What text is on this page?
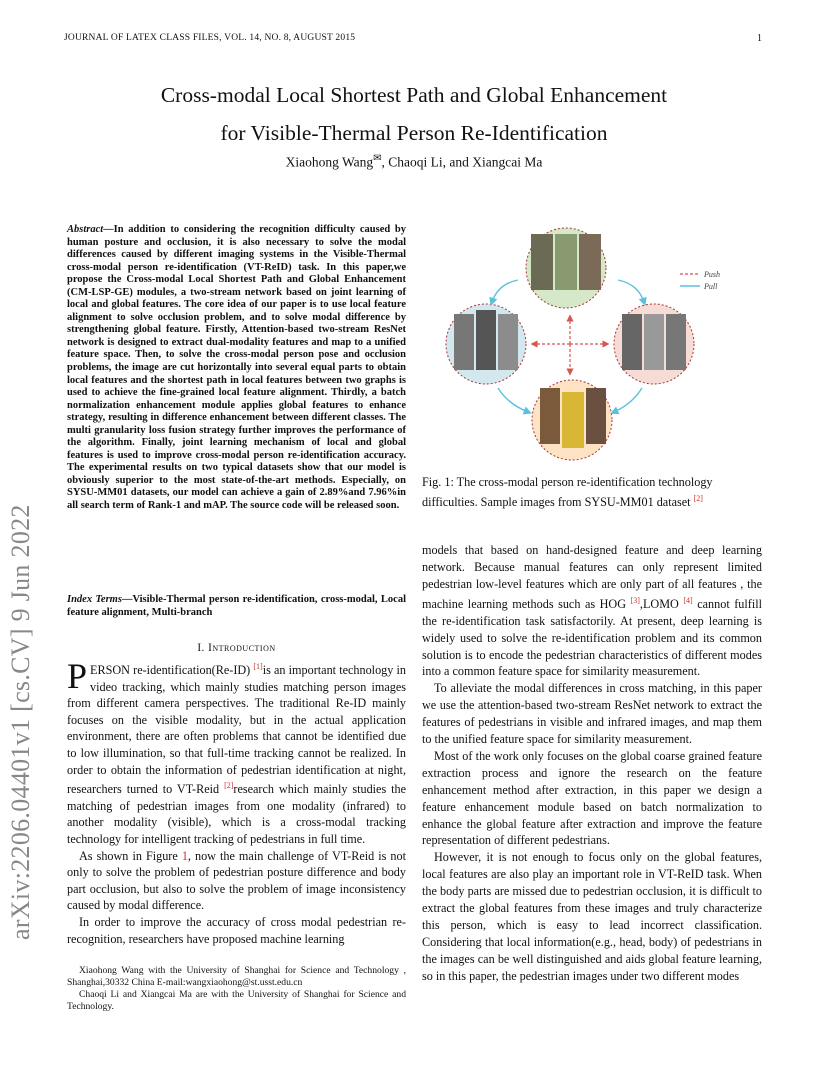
JOURNAL OF LATEX CLASS FILES, VOL. 14, NO. 8, AUGUST 2015	1
arXiv:2206.04401v1 [cs.CV] 9 Jun 2022
Cross-modal Local Shortest Path and Global Enhancement
for Visible-Thermal Person Re-Identification
Xiaohong Wang✉, Chaoqi Li, and Xiangcai Ma
Abstract—In addition to considering the recognition difficulty caused by human posture and occlusion, it is also necessary to solve the modal differences caused by different imaging systems in the Visible-Thermal cross-modal person re-identification (VT-ReID) task. In this paper,we propose the Cross-modal Local Shortest Path and Global Enhancement (CM-LSP-GE) modules, a two-stream network based on joint learning of local and global features. The core idea of our paper is to use local feature alignment to solve occlusion problem, and to solve modal difference by strengthening global feature. Firstly, Attention-based two-stream ResNet network is designed to extract dual-modality features and map to a unified feature space. Then, to solve the cross-modal person pose and occlusion problems, the image are cut horizontally into several equal parts to obtain local features and the shortest path in local features between two graphs is used to achieve the fine-grained local feature alignment. Thirdly, a batch normalization enhancement module applies global features to enhance strategy, resulting in difference enhancement between different classes. The multi granularity loss fusion strategy further improves the performance of the algorithm. Finally, joint learning mechanism of local and global features is used to improve cross-modal person re-identification accuracy. The experimental results on two typical datasets show that our model is obviously superior to the most state-of-the-art methods. Especially, on SYSU-MM01 datasets, our model can achieve a gain of 2.89%and 7.96%in all search term of Rank-1 and mAP. The source code will be released soon.
Index Terms—Visible-Thermal person re-identification, cross-modal, Local feature alignment, Multi-branch
I. Introduction

PERSON re-identification(Re-ID) [1]is an important technology in video tracking, which mainly studies matching person images from different camera perspectives. The traditional Re-ID mainly focuses on the visible modality, but in the actual application environment, there are often problems that cannot be identified due to low illumination, so that full-time tracking cannot be realized. In order to obtain the information of pedestrian identification at night, researchers turned to VT-Reid [2]research which mainly studies the matching of pedestrian images from one modality (infrared) to another modality (visible), which is a cross-modal tracking technology for intelligent tracking of pedestrians in full time.

As shown in Figure 1, now the main challenge of VT-Reid is not only to solve the problem of pedestrian posture difference and body part occlusion, but also to solve the problem of image inconsistency caused by modal difference.

In order to improve the accuracy of cross modal pedestrian re-recognition, researchers have proposed machine learning

Xiaohong Wang with the University of Shanghai for Science and Technology , Shanghai,30332 China E-mail:wangxiaohong@st.usst.edu.cn

Chaoqi Li and Xiangcai Ma are with the University of Shanghai for Science and Technology.

Push
Pull
Fig. 1: The cross-modal person re-identification technology difficulties. Sample images from SYSU-MM01 dataset [2]

models that based on hand-designed feature and deep learning network. Because manual features can only represent limited pedestrian low-level features which are only part of all features , the machine learning methods such as HOG [3],LOMO [4] cannot fulfill the re-identification task satisfactorily. At present, deep learning is widely used to solve the re-identification problem and its common solution is to encode the pedestrian characteristics of different modes into a common feature space for similarity measurement.

To alleviate the modal differences in cross matching, in this paper we use the attention-based two-stream ResNet network to extract the features of pedestrians in visible and infrared images, and map them to the unified feature space for similarity measurement.

Most of the work only focuses on the global coarse grained feature extraction process and ignore the research on the feature enhancement method after extraction, in this paper we design a feature enhancement module based on batch normalization to enhance the global feature after extraction and improve the feature representation of different pedestrians.

However, it is not enough to focus only on the global features, local features are also play an important role in VT-ReID task. When the body parts are missed due to pedestrian occlusion, it is difficult to extract the global features from these images and truly characterize this person, which is easy to lead incorrect classification. Considering that local information(e.g., head, body) of pedestrians in the images can be well distinguished and aids global feature learning, so in this paper, the pedestrian images under two different modes
